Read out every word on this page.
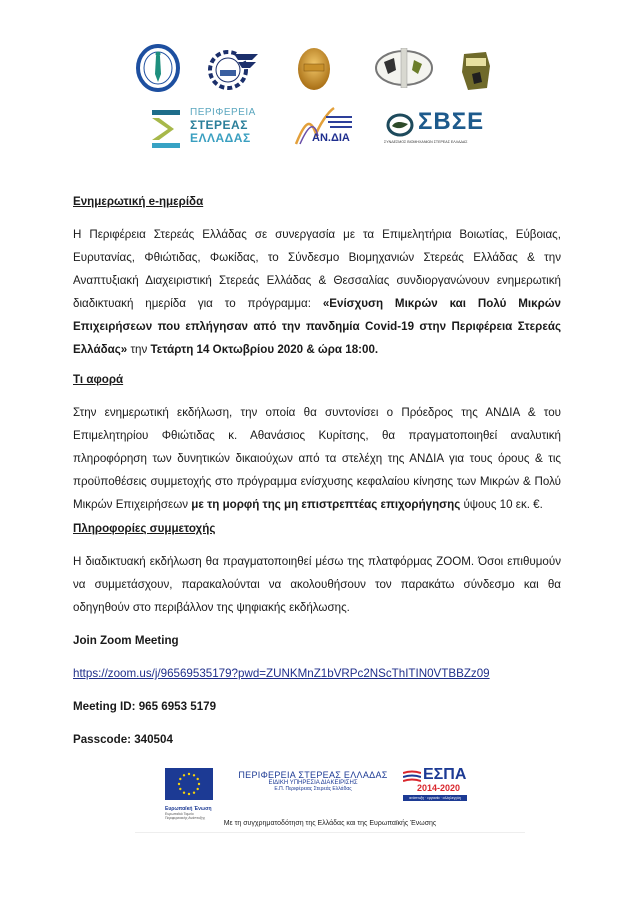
ΠΕΡΙΦΕΡΕΙΑ
ΣΤΕΡΕΑΣ
ΕΛΛΑΔΑΣ	ΑΝ.ΔΙΑ
ΣΒΣΕ
ΣΥΝΔΕΣΜΟΣ ΒΙΟΜΗΧΑΝΙΩΝ ΣΤΕΡΕΑΣ ΕΛΛΑΔΑΣ
Ενημερωτική e-ημερίδα
Η Περιφέρεια Στερεάς Ελλάδας σε συνεργασία με τα Επιμελητήρια Βοιωτίας, Εύβοιας, Ευρυτανίας, Φθιώτιδας, Φωκίδας, το Σύνδεσμο Βιομηχανιών Στερεάς Ελλάδας & την Αναπτυξιακή Διαχειριστική Στερεάς Ελλάδας & Θεσσαλίας συνδιοργανώνουν ενημερωτική διαδικτυακή ημερίδα για το πρόγραμμα: «Ενίσχυση Μικρών και Πολύ Μικρών Επιχειρήσεων που επλήγησαν από την πανδημία Covid-19 στην Περιφέρεια Στερεάς Ελλάδας» την Τετάρτη 14 Οκτωβρίου 2020 & ώρα 18:00.
Τι αφορά
Στην ενημερωτική εκδήλωση, την οποία θα συντονίσει ο Πρόεδρος της ΑΝΔΙΑ & του Επιμελητηρίου Φθιώτιδας κ. Αθανάσιος Κυρίτσης, θα πραγματοποιηθεί αναλυτική πληροφόρηση των δυνητικών δικαιούχων από τα στελέχη της ΑΝΔΙΑ για τους όρους & τις προϋποθέσεις συμμετοχής στο πρόγραμμα ενίσχυσης κεφαλαίου κίνησης των Μικρών & Πολύ Μικρών Επιχειρήσεων με τη μορφή της μη επιστρεπτέας επιχορήγησης ύψους 10 εκ. €.
Πληροφορίες συμμετοχής
Η διαδικτυακή εκδήλωση θα πραγματοποιηθεί μέσω της πλατφόρμας ZOOM. Όσοι επιθυμούν να συμμετάσχουν, παρακαλούνται να ακολουθήσουν τον παρακάτω σύνδεσμο και θα οδηγηθούν στο περιβάλλον της ψηφιακής εκδήλωσης.
Join Zoom Meeting
https://zoom.us/j/96569535179?pwd=ZUNKMnZ1bVRPc2NScThITIN0VTBBZz09
Meeting ID: 965 6953 5179
Passcode: 340504
Ευρωπαϊκή Ένωση
Ευρωπαϊκό Ταμείο Περιφερειακής Ανάπτυξης
ΠΕΡΙΦΕΡΕΙΑ ΣΤΕΡΕΑΣ ΕΛΛΑΔΑΣ
ΕΙΔΙΚΗ ΥΠΗΡΕΣΙΑ ΔΙΑΚΕΙΡΙΣΗΣ
Ε.Π. Περιφέρειας Στερεάς Ελλάδας
ΕΣΠΑ
2014-2020
ανάπτυξη · εργασία · αλληλεγγύη
Με τη συγχρηματοδότηση της Ελλάδας και της Ευρωπαϊκής Ένωσης
